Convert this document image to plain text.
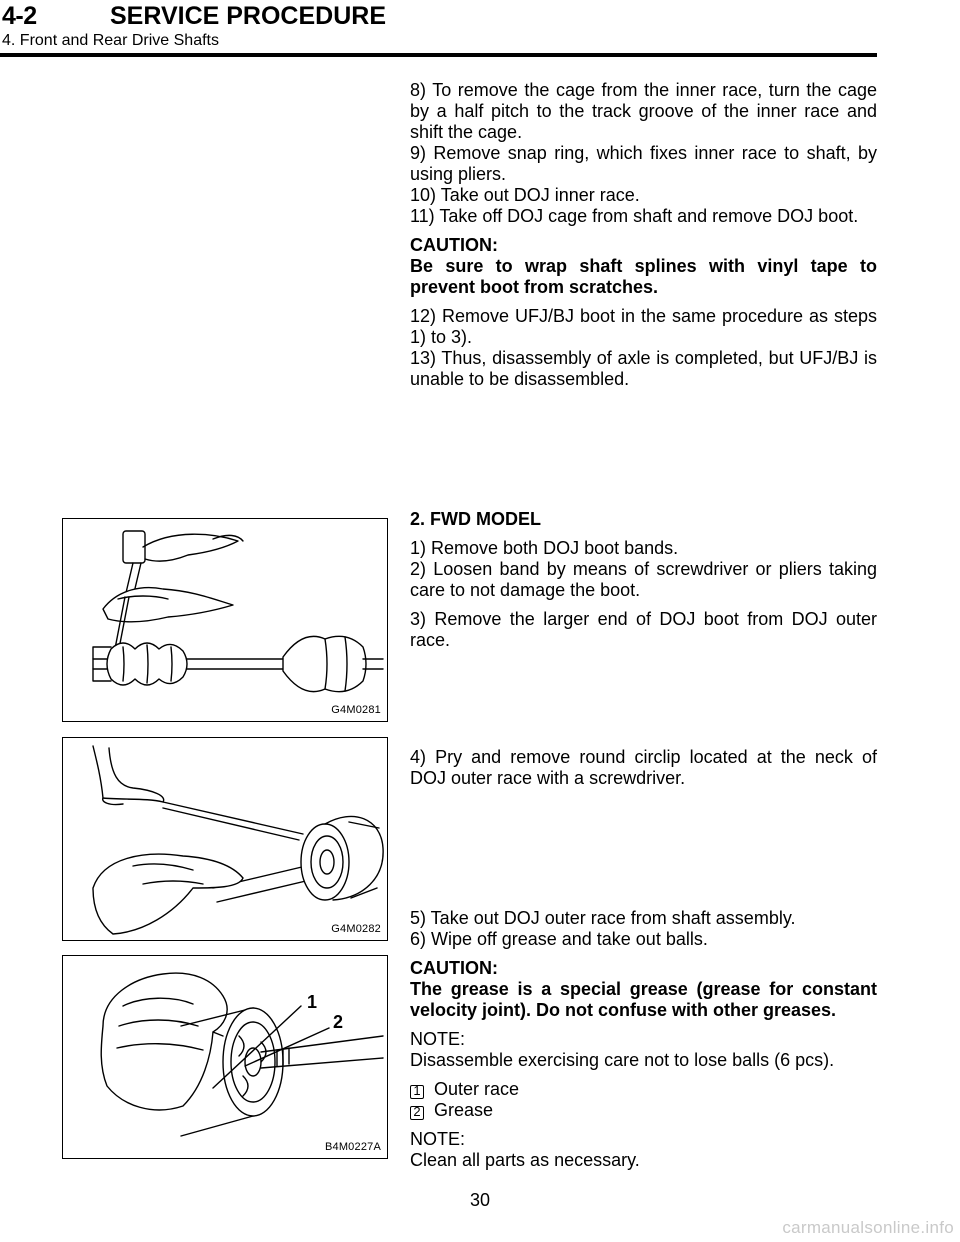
4-2	SERVICE PROCEDURE
4. Front and Rear Drive Shafts

8) To remove the cage from the inner race, turn the cage by a half pitch to the track groove of the inner race and shift the cage.

9) Remove snap ring, which fixes inner race to shaft, by using pliers.

10) Take out DOJ inner race.

11) Take off DOJ cage from shaft and remove DOJ boot.

CAUTION:

Be sure to wrap shaft splines with vinyl tape to prevent boot from scratches.

12) Remove UFJ/BJ boot in the same procedure as steps 1) to 3).

13) Thus, disassembly of axle is completed, but UFJ/BJ is unable to be disassembled.

G4M0281

2. FWD MODEL

1) Remove both DOJ boot bands.

2) Loosen band by means of screwdriver or pliers taking care to not damage the boot.

3) Remove the larger end of DOJ boot from DOJ outer race.

G4M0282

4) Pry and remove round circlip located at the neck of DOJ outer race with a screwdriver.

1
2
B4M0227A

5) Take out DOJ outer race from shaft assembly.

6) Wipe off grease and take out balls.

CAUTION:

The grease is a special grease (grease for constant velocity joint). Do not confuse with other greases.

NOTE:

Disassemble exercising care not to lose balls (6 pcs).

1 Outer race

2 Grease

NOTE:

Clean all parts as necessary.

30
carmanualsonline.info
